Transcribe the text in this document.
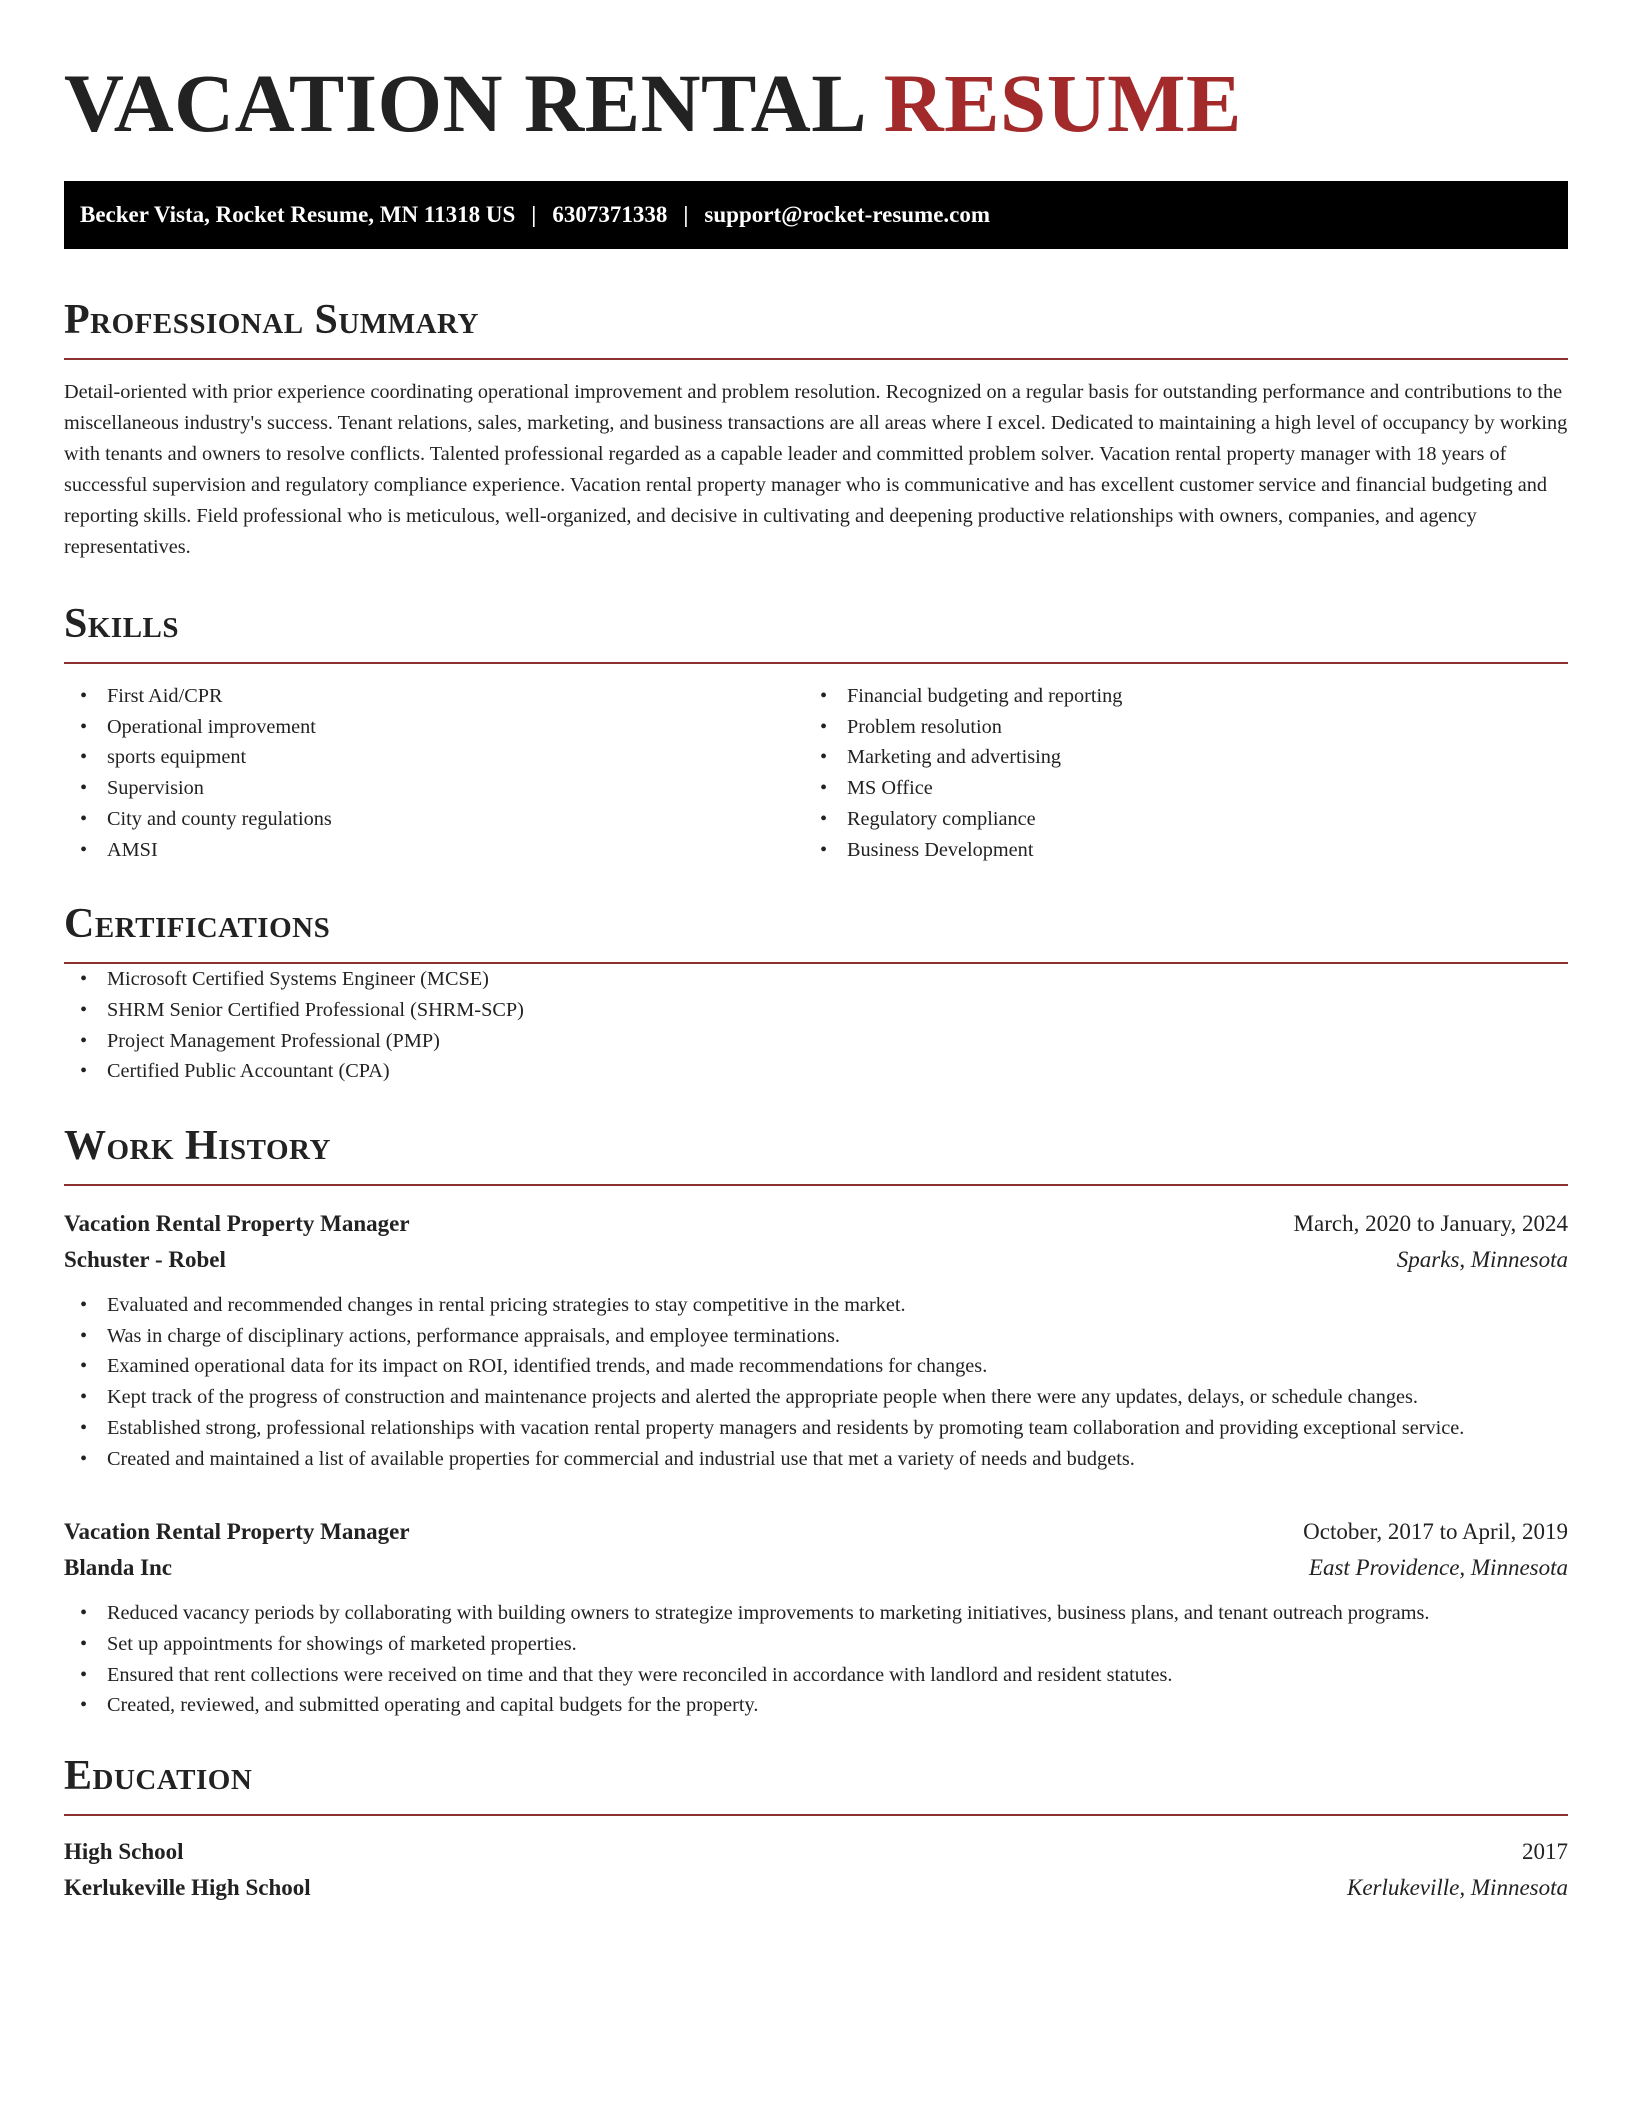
VACATION RENTAL RESUME
Becker Vista, Rocket Resume, MN 11318 US | 6307371338 | support@rocket-resume.com
Professional Summary

Detail-oriented with prior experience coordinating operational improvement and problem resolution. Recognized on a regular basis for outstanding performance and contributions to the miscellaneous industry's success. Tenant relations, sales, marketing, and business transactions are all areas where I excel. Dedicated to maintaining a high level of occupancy by working with tenants and owners to resolve conflicts. Talented professional regarded as a capable leader and committed problem solver. Vacation rental property manager with 18 years of successful supervision and regulatory compliance experience. Vacation rental property manager who is communicative and has excellent customer service and financial budgeting and reporting skills. Field professional who is meticulous, well-organized, and decisive in cultivating and deepening productive relationships with owners, companies, and agency representatives.

Skills
• First Aid/CPR
• Operational improvement
• sports equipment
• Supervision
• City and county regulations
• AMSI
• Financial budgeting and reporting
• Problem resolution
• Marketing and advertising
• MS Office
• Regulatory compliance
• Business Development
Certifications
• Microsoft Certified Systems Engineer (MCSE)
• SHRM Senior Certified Professional (SHRM-SCP)
• Project Management Professional (PMP)
• Certified Public Accountant (CPA)
Work History
Vacation Rental Property Manager	March, 2020 to January, 2024
Schuster - Robel	Sparks, Minnesota
• Evaluated and recommended changes in rental pricing strategies to stay competitive in the market.
• Was in charge of disciplinary actions, performance appraisals, and employee terminations.
• Examined operational data for its impact on ROI, identified trends, and made recommendations for changes.
• Kept track of the progress of construction and maintenance projects and alerted the appropriate people when there were any updates, delays, or schedule changes.
• Established strong, professional relationships with vacation rental property managers and residents by promoting team collaboration and providing exceptional service.
• Created and maintained a list of available properties for commercial and industrial use that met a variety of needs and budgets.
Vacation Rental Property Manager	October, 2017 to April, 2019
Blanda Inc	East Providence, Minnesota
• Reduced vacancy periods by collaborating with building owners to strategize improvements to marketing initiatives, business plans, and tenant outreach programs.
• Set up appointments for showings of marketed properties.
• Ensured that rent collections were received on time and that they were reconciled in accordance with landlord and resident statutes.
• Created, reviewed, and submitted operating and capital budgets for the property.
Education
High School	2017
Kerlukeville High School	Kerlukeville, Minnesota
